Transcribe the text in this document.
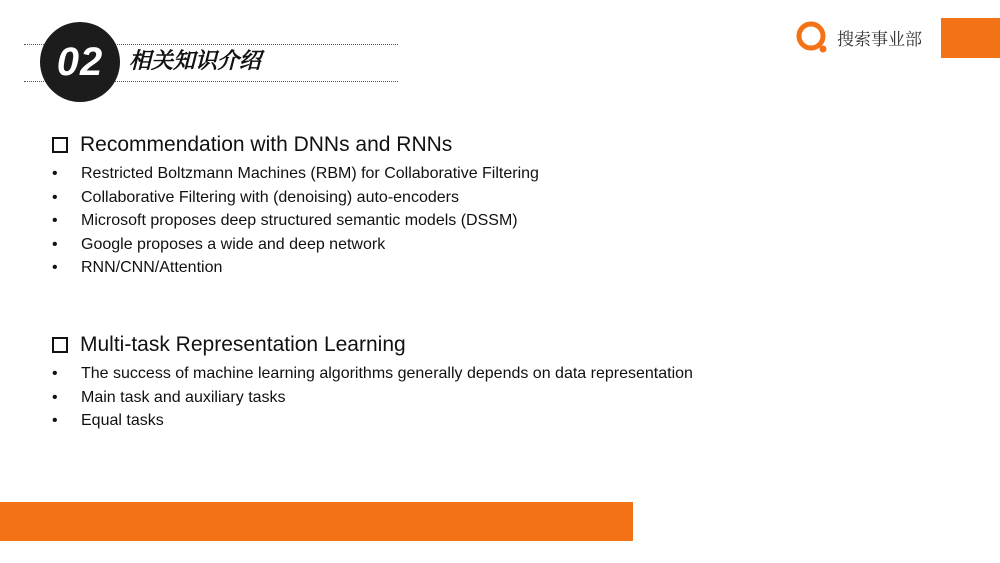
02 相关知识介绍
搜索事业部
Recommendation with DNNs and RNNs
• Restricted Boltzmann Machines (RBM) for Collaborative Filtering
• Collaborative Filtering with (denoising) auto-encoders
• Microsoft proposes deep structured semantic models (DSSM)
• Google proposes a wide and deep network
• RNN/CNN/Attention
Multi-task Representation Learning
• The success of machine learning algorithms generally depends on data representation
• Main task and auxiliary tasks
• Equal tasks
